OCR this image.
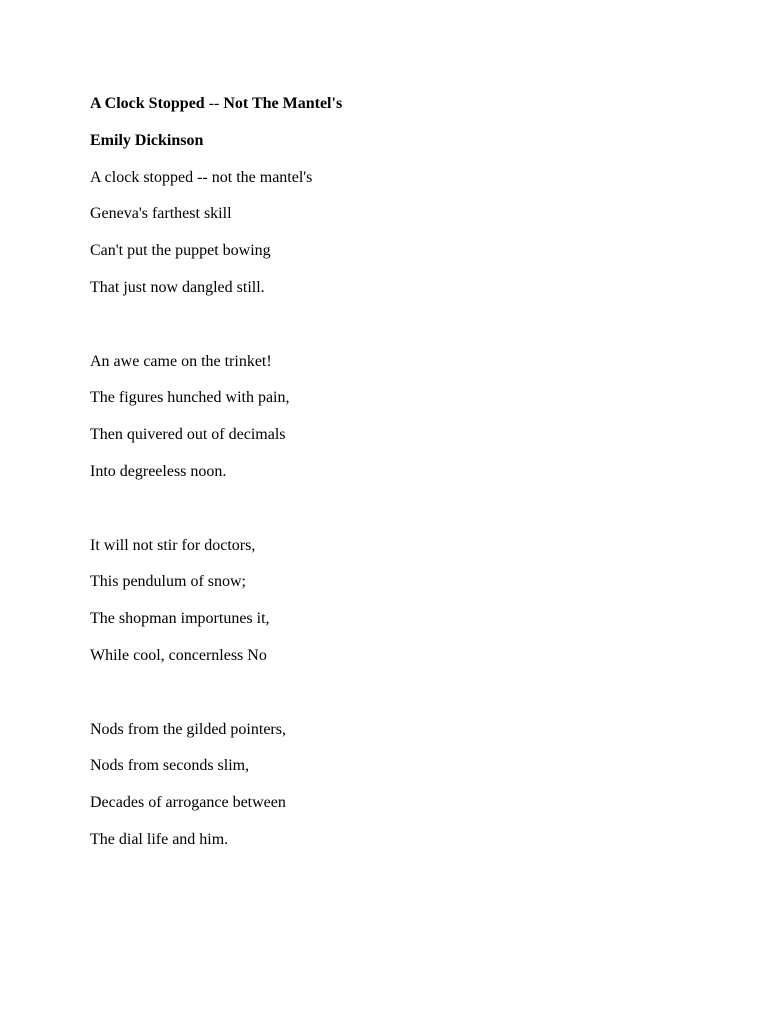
A Clock Stopped -- Not The Mantel's
Emily Dickinson
A clock stopped -- not the mantel's
Geneva's farthest skill
Can't put the puppet bowing
That just now dangled still.
An awe came on the trinket!
The figures hunched with pain,
Then quivered out of decimals
Into degreeless noon.
It will not stir for doctors,
This pendulum of snow;
The shopman importunes it,
While cool, concernless No
Nods from the gilded pointers,
Nods from seconds slim,
Decades of arrogance between
The dial life and him.
